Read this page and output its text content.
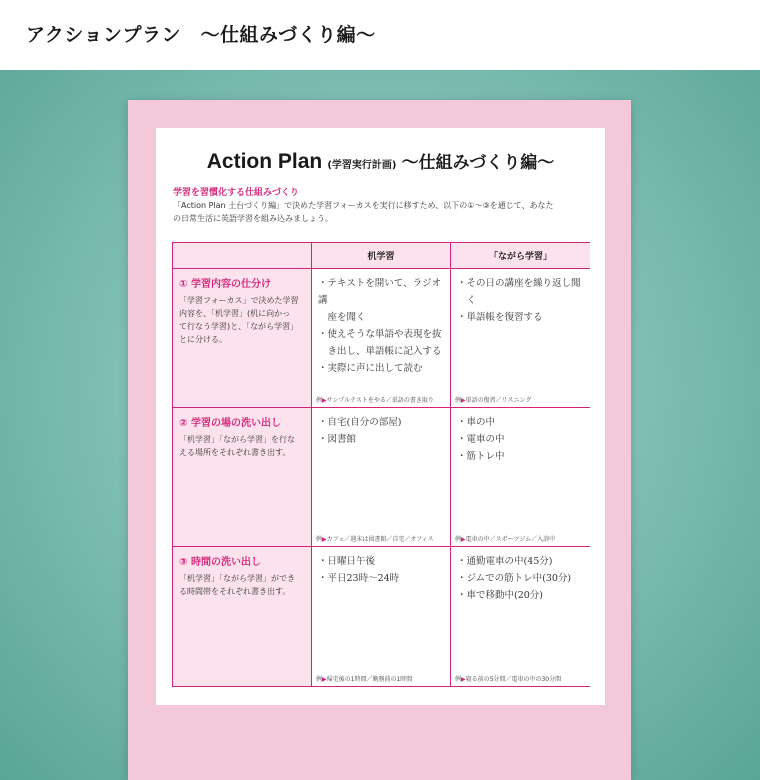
アクションプラン　～仕組みづくり編～
Action Plan (学習実行計画) ～仕組みづくり編～
学習を習慣化する仕組みづくり
「Action Plan 土台づくり編」で決めた学習フォーカスを実行に移すため、以下の①～③を通じて、あなた
の日常生活に英語学習を組み込みましょう。
机学習	「ながら学習」
① 学習内容の仕分け
「学習フォーカス」で決めた学習
内容を、「机学習」(机に向かっ
て行なう学習)と、「ながら学習」
とに分ける。
・テキストを開いて、ラジオ講
　座を聞く
・使えそうな単語や表現を抜
　き出し、単語帳に記入する
・実際に声に出して読む
例▶サンプルテストをやる／単語の書き取り
・その日の講座を繰り返し聞
　く
・単語帳を復習する
例▶単語の復習／リスニング
② 学習の場の洗い出し
「机学習」「ながら学習」を行な
える場所をそれぞれ書き出す。
・自宅(自分の部屋)
・図書館
例▶カフェ／週末は図書館／自宅／オフィス
・車の中
・電車の中
・筋トレ中
例▶電車の中／スポーツジム／入浴中
③ 時間の洗い出し
「机学習」「ながら学習」ができ
る時間帯をそれぞれ書き出す。
・日曜日午後
・平日23時～24時
例▶帰宅後の1時間／勤務前の1時間
・通勤電車の中(45分)
・ジムでの筋トレ中(30分)
・車で移動中(20分)
例▶寝る前の5分間／電車の中の30分間
